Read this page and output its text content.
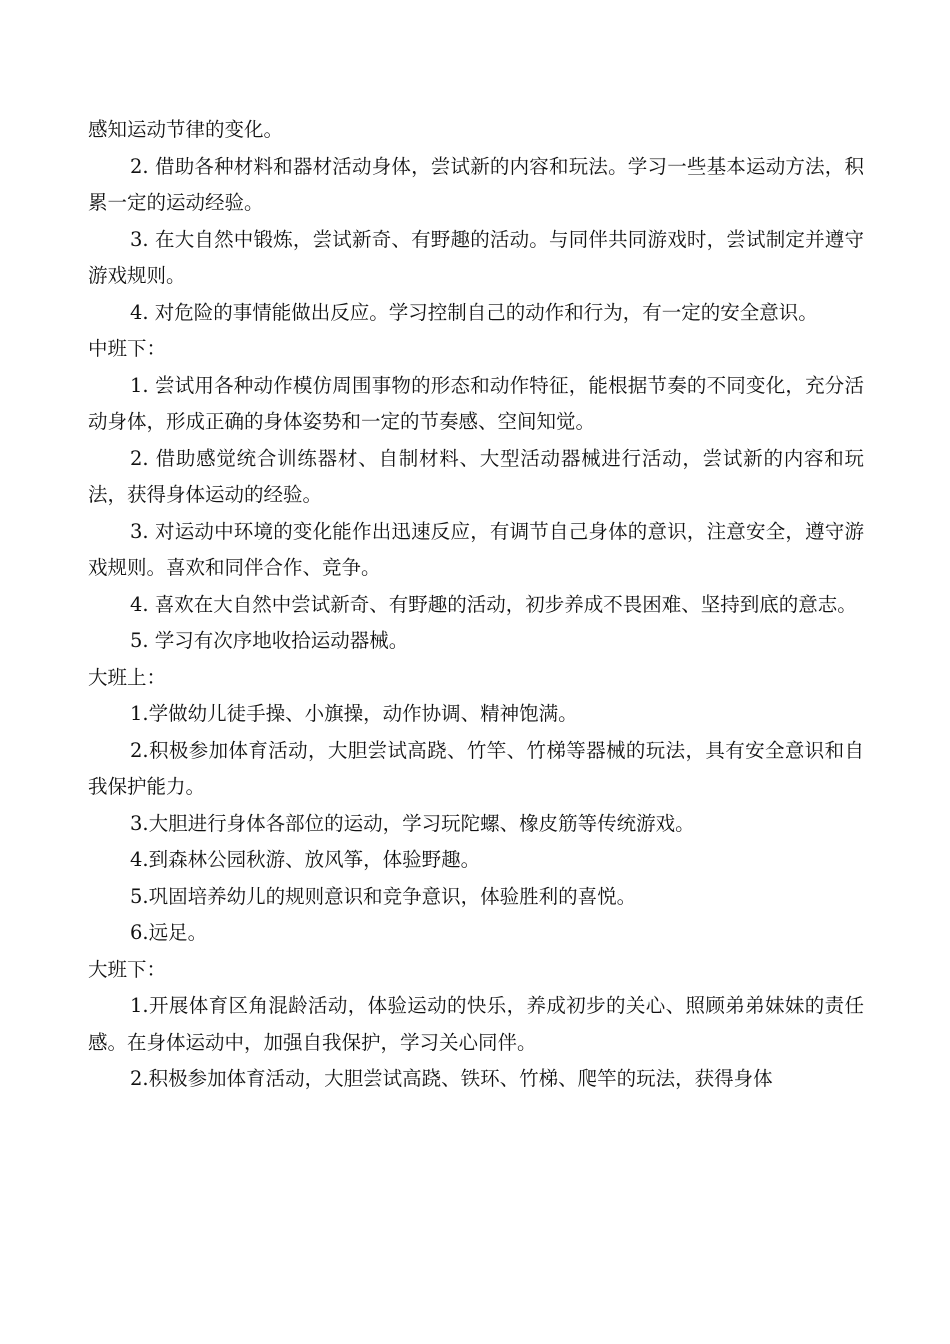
感知运动节律的变化。

2. 借助各种材料和器材活动身体，尝试新的内容和玩法。学习一些基本运动方法，积累一定的运动经验。

3. 在大自然中锻炼，尝试新奇、有野趣的活动。与同伴共同游戏时，尝试制定并遵守游戏规则。

4. 对危险的事情能做出反应。学习控制自己的动作和行为，有一定的安全意识。

中班下：

1. 尝试用各种动作模仿周围事物的形态和动作特征，能根据节奏的不同变化，充分活动身体，形成正确的身体姿势和一定的节奏感、空间知觉。

2. 借助感觉统合训练器材、自制材料、大型活动器械进行活动，尝试新的内容和玩法，获得身体运动的经验。

3. 对运动中环境的变化能作出迅速反应，有调节自己身体的意识，注意安全，遵守游戏规则。喜欢和同伴合作、竞争。

4. 喜欢在大自然中尝试新奇、有野趣的活动，初步养成不畏困难、坚持到底的意志。

5. 学习有次序地收拾运动器械。

大班上：

1.学做幼儿徒手操、小旗操，动作协调、精神饱满。

2.积极参加体育活动，大胆尝试高跷、竹竿、竹梯等器械的玩法，具有安全意识和自我保护能力。

3.大胆进行身体各部位的运动，学习玩陀螺、橡皮筋等传统游戏。

4.到森林公园秋游、放风筝，体验野趣。

5.巩固培养幼儿的规则意识和竞争意识，体验胜利的喜悦。

6.远足。

大班下：

1.开展体育区角混龄活动，体验运动的快乐，养成初步的关心、照顾弟弟妹妹的责任感。在身体运动中，加强自我保护，学习关心同伴。

2.积极参加体育活动，大胆尝试高跷、铁环、竹梯、爬竿的玩法，获得身体
